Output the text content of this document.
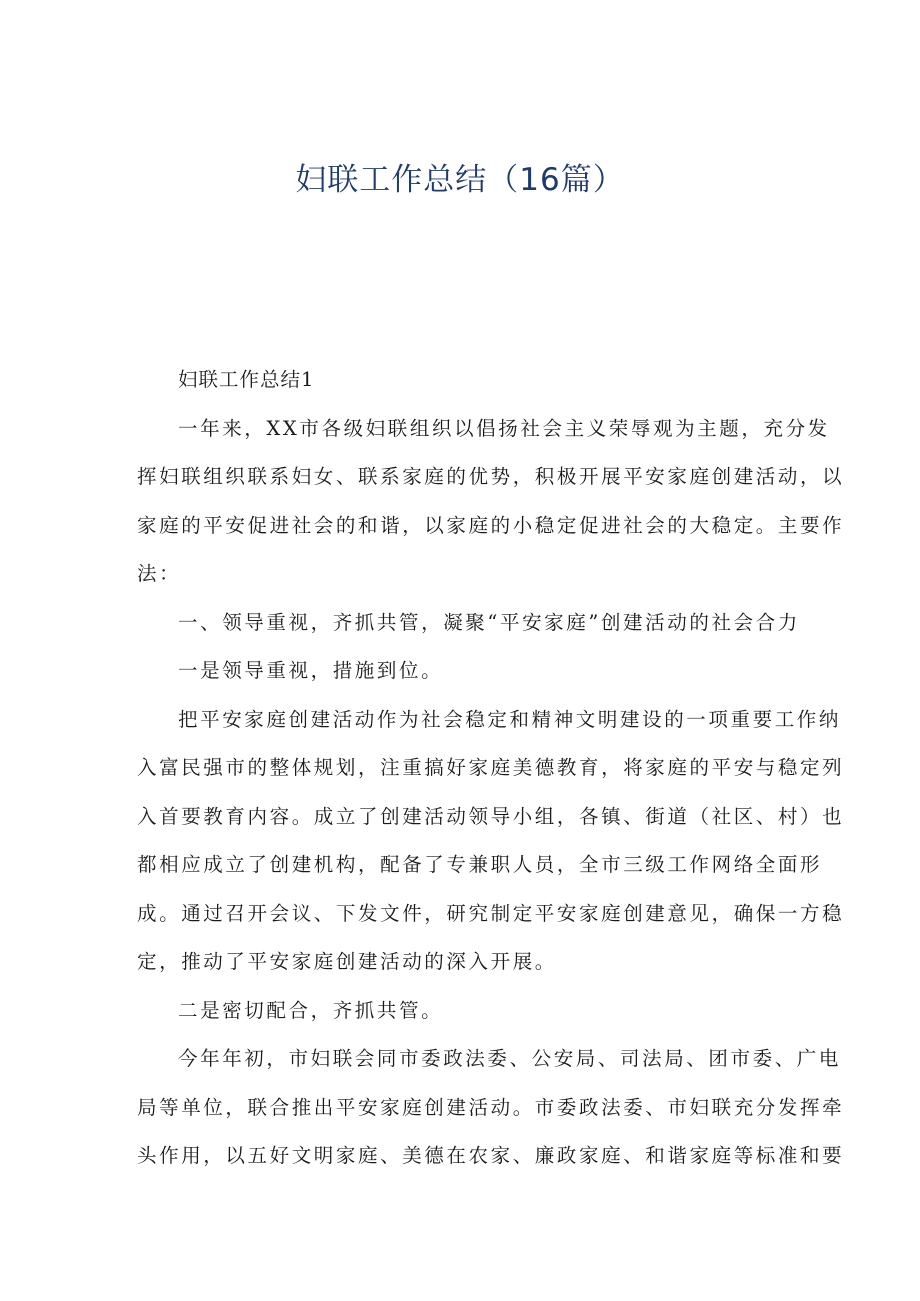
妇联工作总结（16篇）
妇联工作总结1
一年来，XX市各级妇联组织以倡扬社会主义荣辱观为主题，充分发
挥妇联组织联系妇女、联系家庭的优势，积极开展平安家庭创建活动，以
家庭的平安促进社会的和谐，以家庭的小稳定促进社会的大稳定。主要作
法：
一、领导重视，齐抓共管，凝聚“平安家庭”创建活动的社会合力
一是领导重视，措施到位。
把平安家庭创建活动作为社会稳定和精神文明建设的一项重要工作纳
入富民强市的整体规划，注重搞好家庭美德教育，将家庭的平安与稳定列
入首要教育内容。成立了创建活动领导小组，各镇、街道（社区、村）也
都相应成立了创建机构，配备了专兼职人员，全市三级工作网络全面形
成。通过召开会议、下发文件，研究制定平安家庭创建意见，确保一方稳
定，推动了平安家庭创建活动的深入开展。
二是密切配合，齐抓共管。
今年年初，市妇联会同市委政法委、公安局、司法局、团市委、广电
局等单位，联合推出平安家庭创建活动。市委政法委、市妇联充分发挥牵
头作用，以五好文明家庭、美德在农家、廉政家庭、和谐家庭等标准和要
